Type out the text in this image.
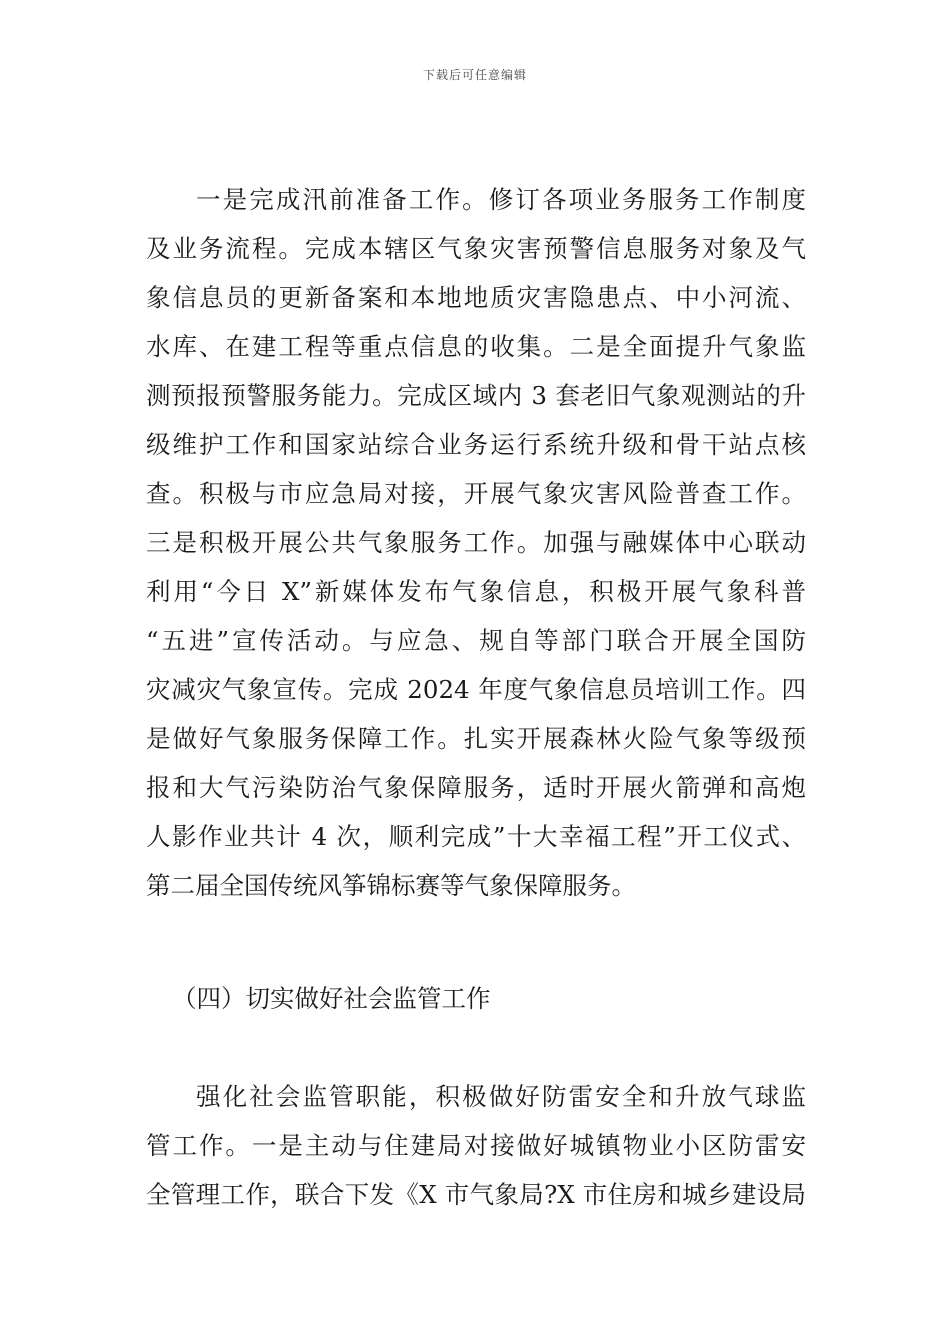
下载后可任意编辑
一是完成汛前准备工作。修订各项业务服务工作制度
及业务流程。完成本辖区气象灾害预警信息服务对象及气
象信息员的更新备案和本地地质灾害隐患点、中小河流、
水库、在建工程等重点信息的收集。二是全面提升气象监
测预报预警服务能力。完成区域内 3 套老旧气象观测站的升
级维护工作和国家站综合业务运行系统升级和骨干站点核
查。积极与市应急局对接，开展气象灾害风险普查工作。
三是积极开展公共气象服务工作。加强与融媒体中心联动
利用“今日 X”新媒体发布气象信息，积极开展气象科普
“五进”宣传活动。与应急、规自等部门联合开展全国防
灾减灾气象宣传。完成 2024 年度气象信息员培训工作。四
是做好气象服务保障工作。扎实开展森林火险气象等级预
报和大气污染防治气象保障服务，适时开展火箭弹和高炮
人影作业共计 4 次，顺利完成”十大幸福工程”开工仪式、
第二届全国传统风筝锦标赛等气象保障服务。
（四）切实做好社会监管工作
强化社会监管职能，积极做好防雷安全和升放气球监
管工作。一是主动与住建局对接做好城镇物业小区防雷安
全管理工作，联合下发《X 市气象局?X 市住房和城乡建设局
